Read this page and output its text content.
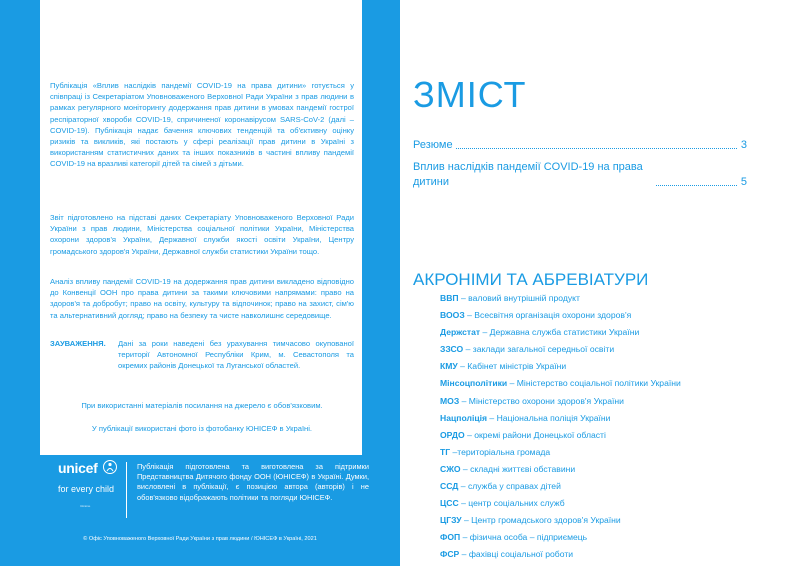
Публікація «Вплив наслідків пандемії COVID-19 на права дитини» готується у співпраці із Секретаріатом Уповноваженого Верховної Ради України з прав людини в рамках регулярного моніторингу додержання прав дитини в умовах пандемії гострої респіраторної хвороби COVID-19, спричиненої коронавірусом SARS-CoV-2 (далі – COVID-19). Публікація надає бачення ключових тенденцій та об'єктивну оцінку ризиків та викликів, які постають у сфері реалізації прав дитини в Україні з використанням статистичних даних та інших показників в частині впливу пандемії COVID-19 на вразливі категорії дітей та сімей з дітьми.

Звіт підготовлено на підставі даних Секретаріату Уповноваженого Верховної Ради України з прав людини, Міністерства соціальної політики України, Міністерства охорони здоров'я України, Державної служби якості освіти України, Центру громадського здоров'я України, Державної служби статистики України тощо.

Аналіз впливу пандемії COVID-19 на додержання прав дитини викладено відповідно до Конвенції ООН про права дитини за такими ключовими напрямами: право на здоров'я та добробут; право на освіту, культуру та відпочинок; право на захист, сім'ю та альтернативний догляд; право на безпеку та чисте навколишнє середовище.

ЗАУВАЖЕННЯ. Дані за роки наведені без урахування тимчасово окупованої території Автономної Республіки Крим, м. Севастополя та окремих районів Донецької та Луганської областей.

При використанні матеріалів посилання на джерело є обов'язковим.

У публікації використані фото із фотобанку ЮНІСЕФ в Україні.

unicef
for every child
Ukraine
Публікація підготовлена та виготовлена за підтримки Представництва Дитячого фонду ООН (ЮНІСЕФ) в Україні. Думки, висловлені в публікації, є позицією автора (авторів) і не обов'язково відображають політики та погляди ЮНІСЕФ.
© Офіс Уповноваженого Верховної Ради України з прав людини / ЮНІСЕФ в Україні, 2021
ЗМІСТ
Резюме	3
Вплив наслідків пандемії COVID-19 на права дитини	5
АКРОНІМИ ТА АБРЕВІАТУРИ
ВВП – валовий внутрішній продукт
ВООЗ – Всесвітня організація охорони здоров'я
Держстат – Державна служба статистики України
ЗЗСО – заклади загальної середньої освіти
КМУ – Кабінет міністрів України
Мінсоцполітики – Міністерство соціальної політики України
МОЗ – Міністерство охорони здоров'я України
Нацполіція – Національна поліція України
ОРДО – окремі райони Донецької області
ТГ –територіальна громада
СЖО – складні життєві обставини
ССД – служба у справах дітей
ЦСС – центр соціальних служб
ЦГЗУ – Центр громадського здоров'я України
ФОП – фізична особа – підприємець
ФСР – фахівці соціальної роботи
